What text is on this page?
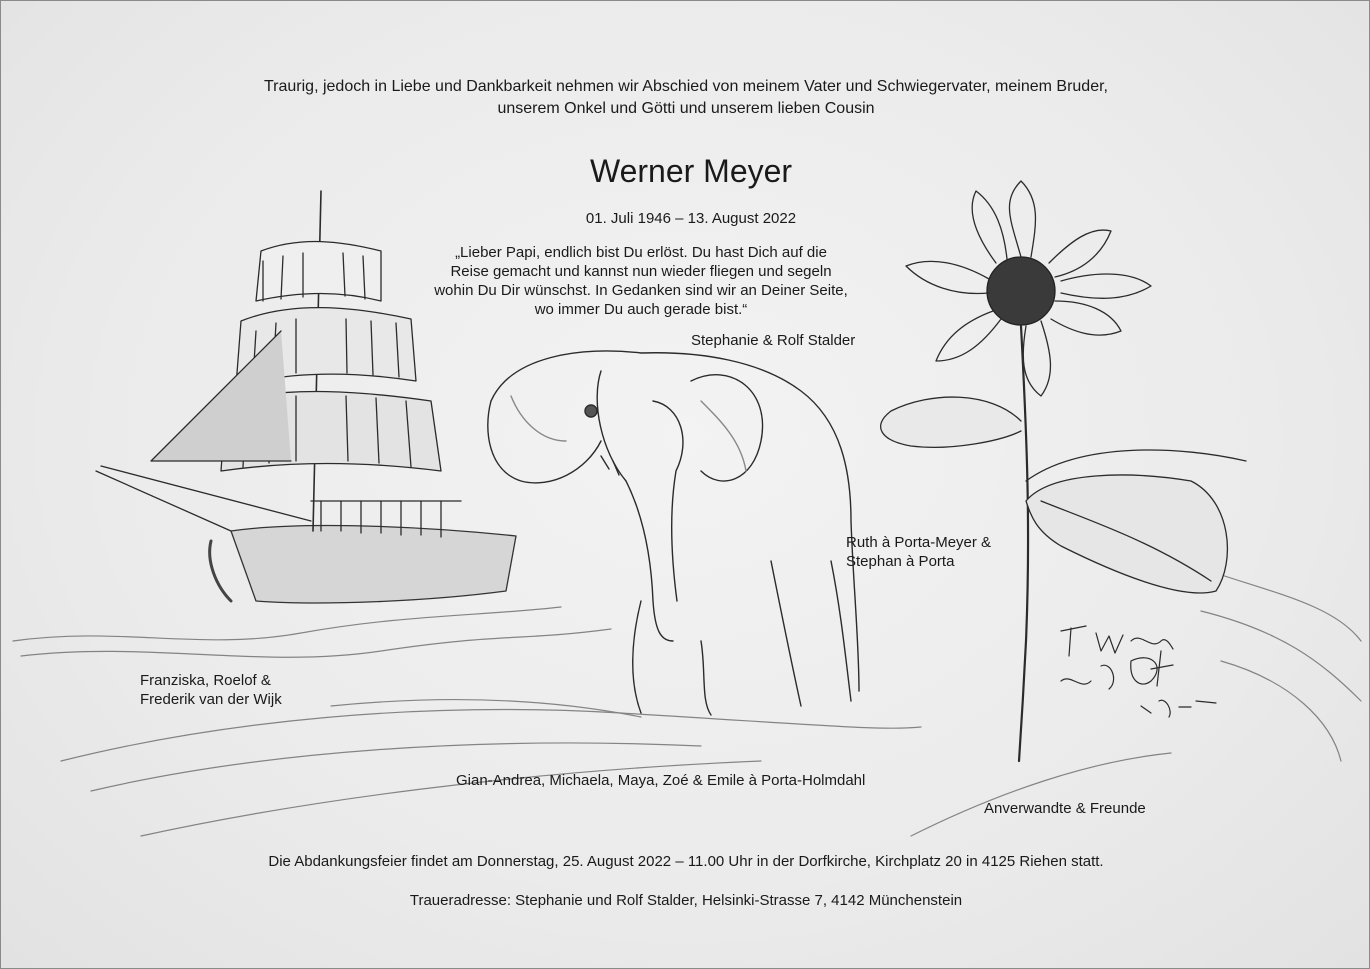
Traurig, jedoch in Liebe und Dankbarkeit nehmen wir Abschied von meinem Vater und Schwiegervater, meinem Bruder,
unserem Onkel und Götti und unserem lieben Cousin

Werner Meyer

01. Juli 1946 – 13. August 2022

„Lieber Papi, endlich bist Du erlöst. Du hast Dich auf die
Reise gemacht und kannst nun wieder fliegen und segeln
wohin Du Dir wünschst. In Gedanken sind wir an Deiner Seite,
wo immer Du auch gerade bist.“

Stephanie & Rolf Stalder

Ruth à Porta-Meyer &
Stephan à Porta

Franziska, Roelof &
Frederik van der Wijk

Gian-Andrea, Michaela, Maya, Zoé & Emile à Porta-Holmdahl

Anverwandte & Freunde

Die Abdankungsfeier findet am Donnerstag, 25. August 2022 – 11.00 Uhr in der Dorfkirche, Kirchplatz 20 in 4125 Riehen statt.

Traueradresse: Stephanie und Rolf Stalder, Helsinki-Strasse 7, 4142 Münchenstein
